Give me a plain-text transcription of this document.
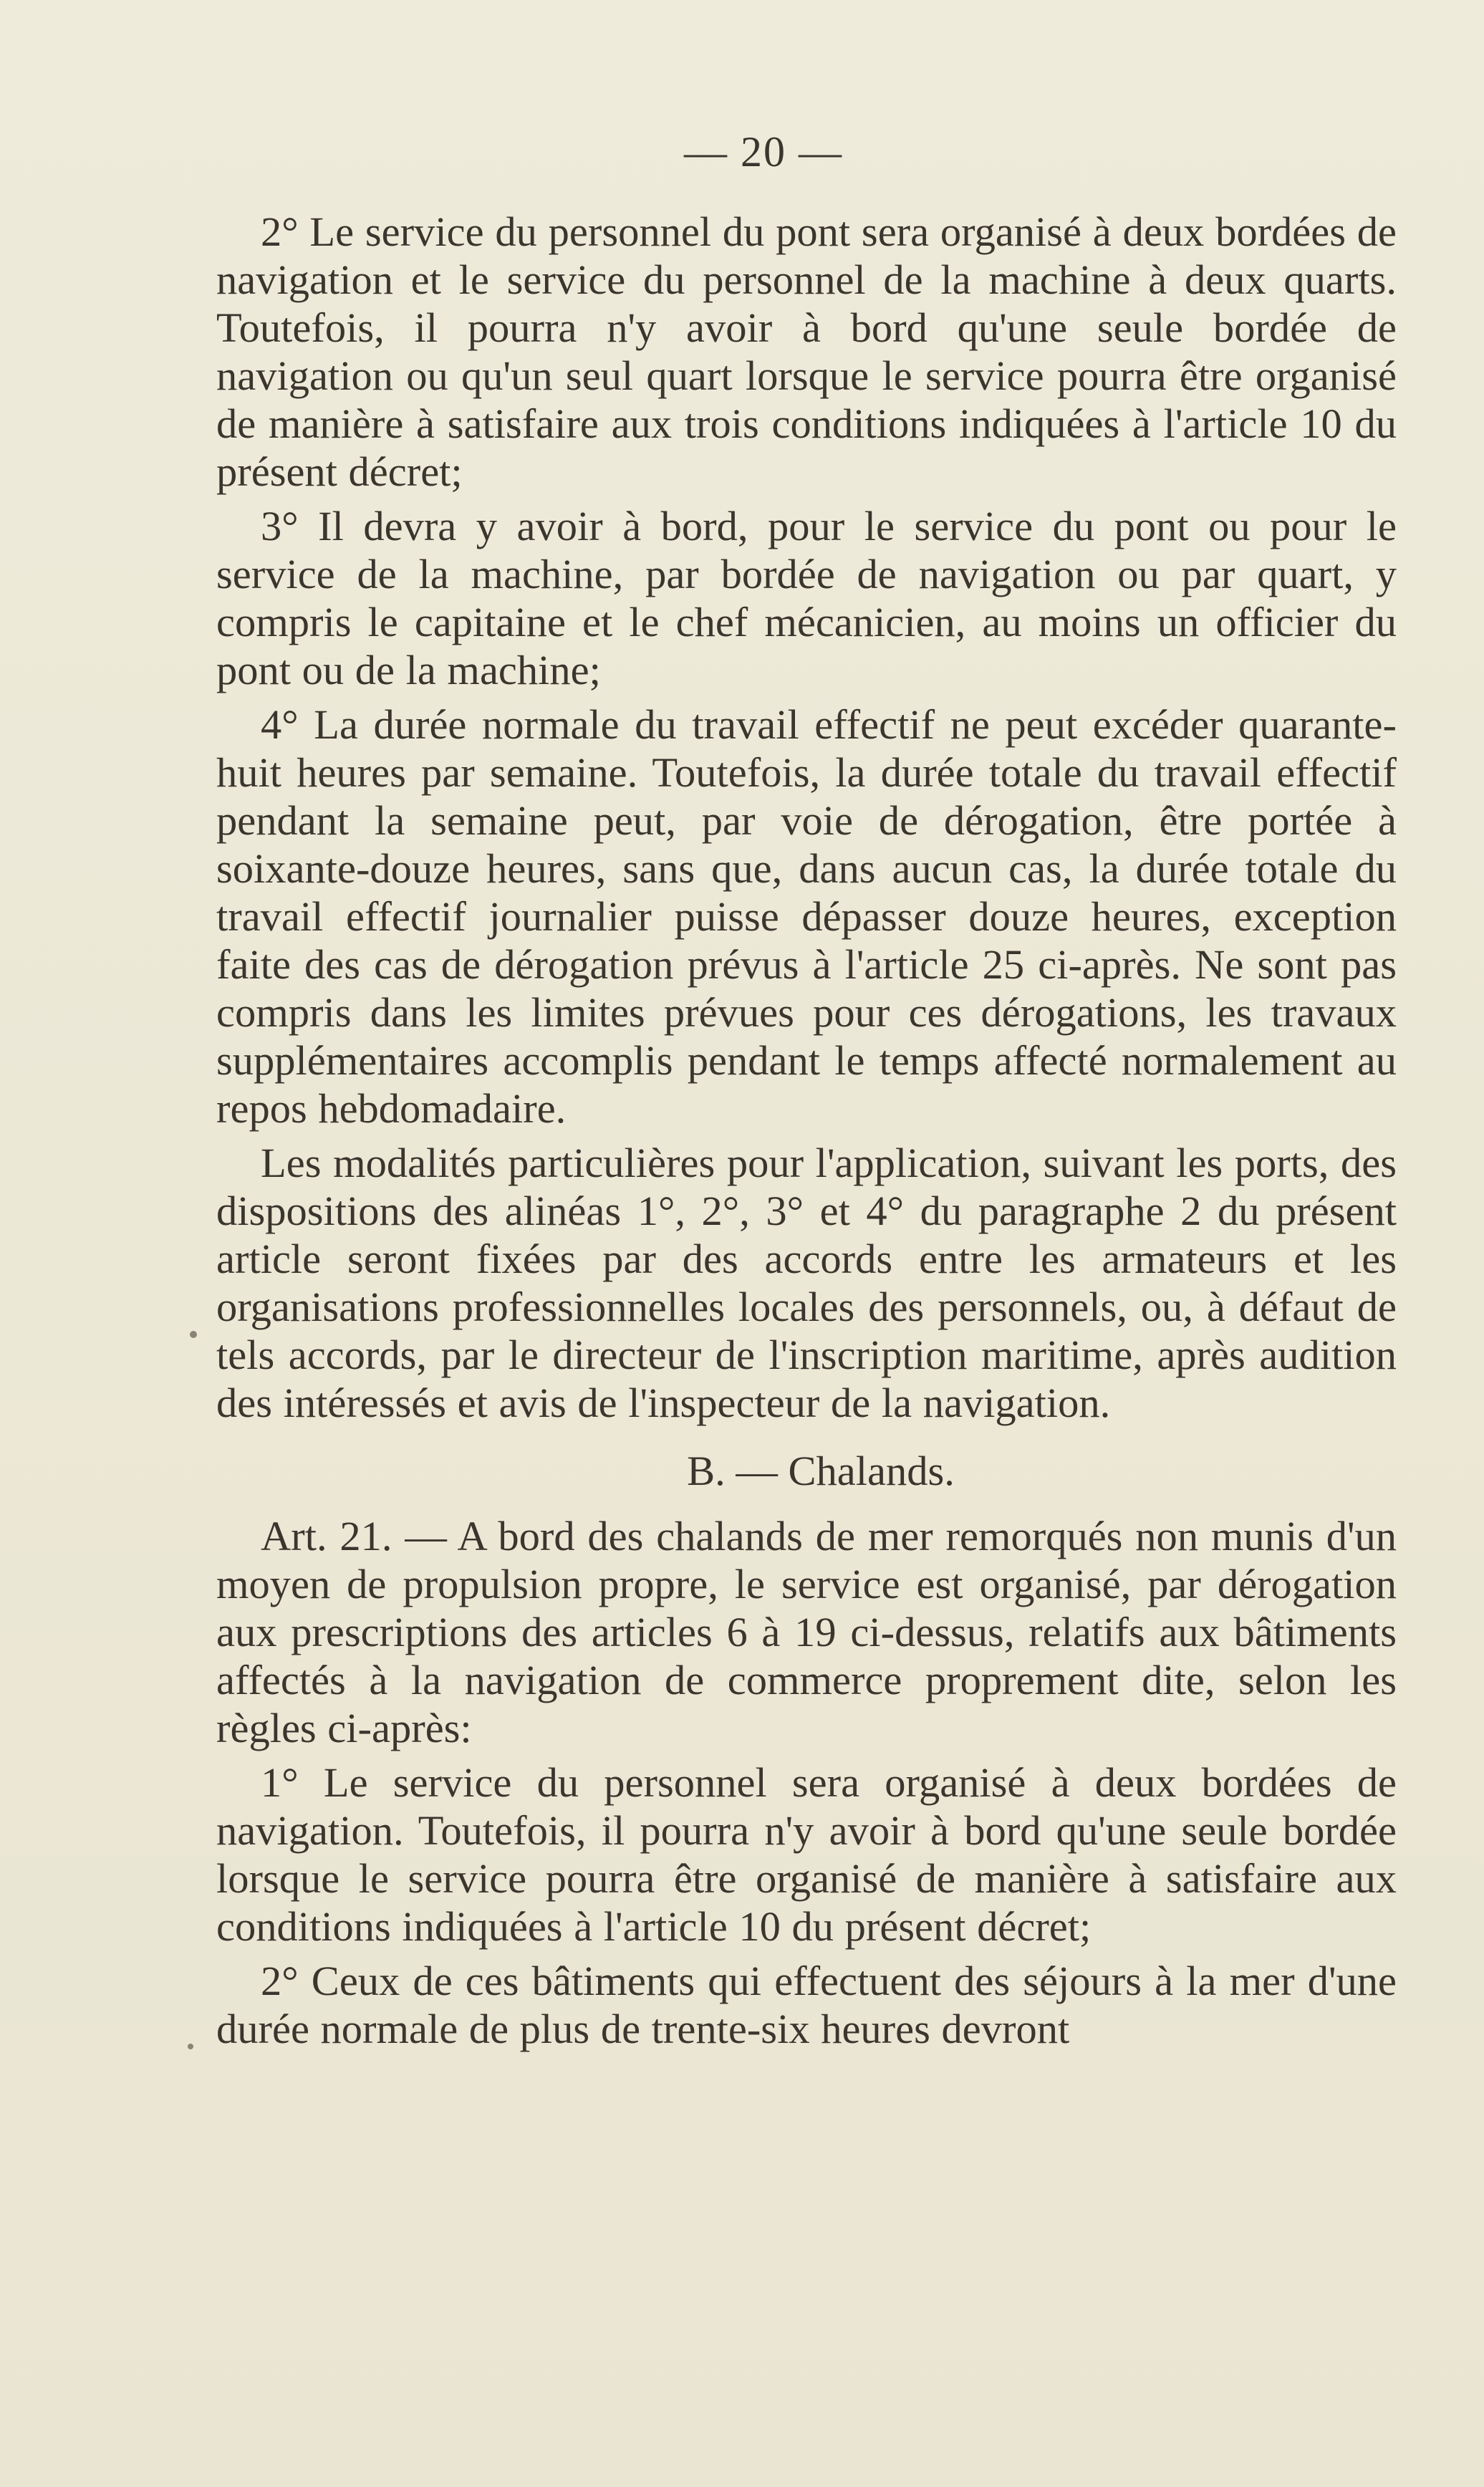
— 20 —

2° Le service du personnel du pont sera organisé à deux bordées de navigation et le service du personnel de la machine à deux quarts. Toutefois, il pourra n'y avoir à bord qu'une seule bordée de navigation ou qu'un seul quart lorsque le service pourra être organisé de manière à satisfaire aux trois conditions indiquées à l'article 10 du présent décret;

3° Il devra y avoir à bord, pour le service du pont ou pour le service de la machine, par bordée de navigation ou par quart, y compris le capitaine et le chef mécanicien, au moins un officier du pont ou de la machine;

4° La durée normale du travail effectif ne peut excéder quarante-huit heures par semaine. Toutefois, la durée totale du travail effectif pendant la semaine peut, par voie de dérogation, être portée à soixante-douze heures, sans que, dans aucun cas, la durée totale du travail effectif journalier puisse dépasser douze heures, exception faite des cas de dérogation prévus à l'article 25 ci-après. Ne sont pas compris dans les limites prévues pour ces dérogations, les travaux supplémentaires accomplis pendant le temps affecté normalement au repos hebdomadaire.

Les modalités particulières pour l'application, suivant les ports, des dispositions des alinéas 1°, 2°, 3° et 4° du paragraphe 2 du présent article seront fixées par des accords entre les armateurs et les organisations professionnelles locales des personnels, ou, à défaut de tels accords, par le directeur de l'inscription maritime, après audition des intéressés et avis de l'inspecteur de la navigation.

B. — Chalands.

Art. 21. — A bord des chalands de mer remorqués non munis d'un moyen de propulsion propre, le service est organisé, par dérogation aux prescriptions des articles 6 à 19 ci-dessus, relatifs aux bâtiments affectés à la navigation de commerce proprement dite, selon les règles ci-après:

1° Le service du personnel sera organisé à deux bordées de navigation. Toutefois, il pourra n'y avoir à bord qu'une seule bordée lorsque le service pourra être organisé de manière à satisfaire aux conditions indiquées à l'article 10 du présent décret;

2° Ceux de ces bâtiments qui effectuent des séjours à la mer d'une durée normale de plus de trente-six heures devront
